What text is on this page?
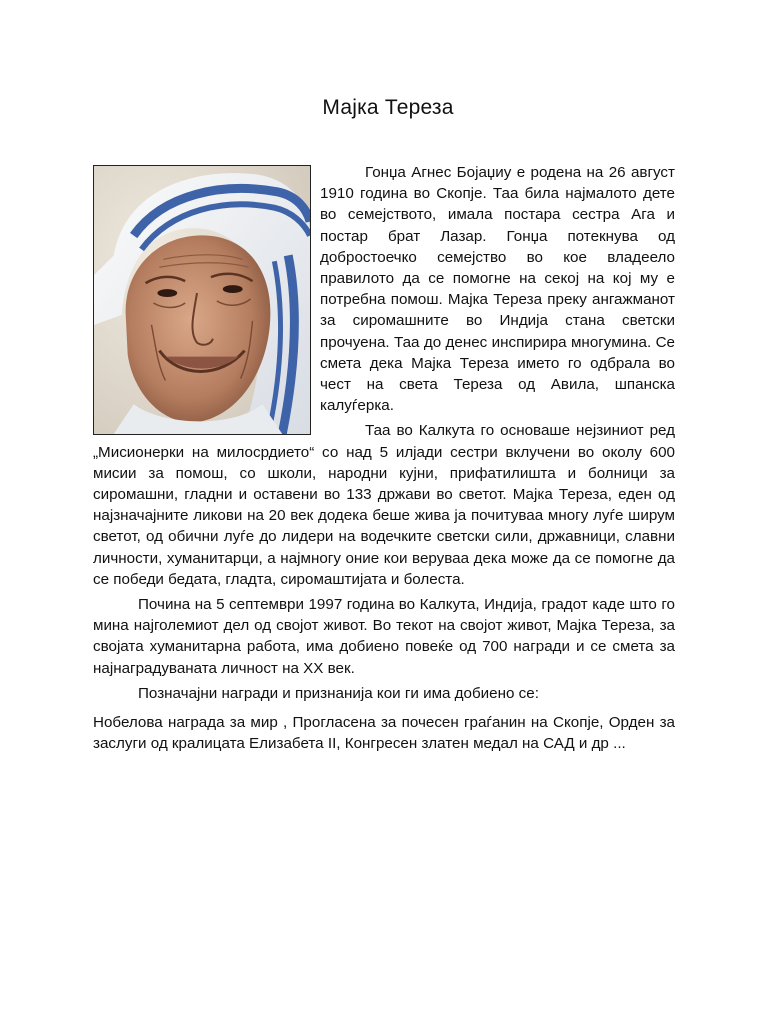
Мајка Тереза

Гонџа Агнес Бојаџиу е родена на 26 август 1910 година во Скопје. Таа била најмалото дете во семејството, имала постара сестра Ага и постар брат Лазар. Гонџа потекнува од добростоечко семејство во кое владеело правилото да се помогне на секој на кој му е потребна помош. Мајка Тереза преку ангажманот за сиромашните во Индија стана светски прочуена. Таа до денес инспирира многумина. Се смета дека Мајка Тереза името го одбрала во чест на света Тереза од Авила, шпанска калуѓерка.

Таа во Калкута го основаше нејзиниот ред „Мисионерки на милосрдието“ со над 5 илјади сестри вклучени во околу 600 мисии за помош, со школи, народни кујни, прифатилишта и болници за сиромашни, гладни и оставени во 133 држави во светот. Мајка Тереза, еден од најзначајните ликови на 20 век додека беше жива ја почитуваа многу луѓе ширум светот, од обични луѓе до лидери на водечките светски сили, државници, славни личности, хуманитарци, а најмногу оние кои веруваа дека може да се помогне да се победи бедата, гладта, сиромаштијата и болеста.

Почина на 5 септември 1997 година во Калкута, Индија, градот каде што го мина најголемиот дел од својот живот. Во текот на својот живот, Мајка Тереза, за својата хуманитарна работа, има добиено повеќе од 700 награди и се смета за најнаградуваната личност на XX век.

Позначајни награди и признанија кои ги има добиено се:

Нобелова награда за мир , Прогласена за почесен граѓанин на Скопје, Орден за заслуги од кралицата Елизабета II, Конгресен златен медал на САД и др ...
